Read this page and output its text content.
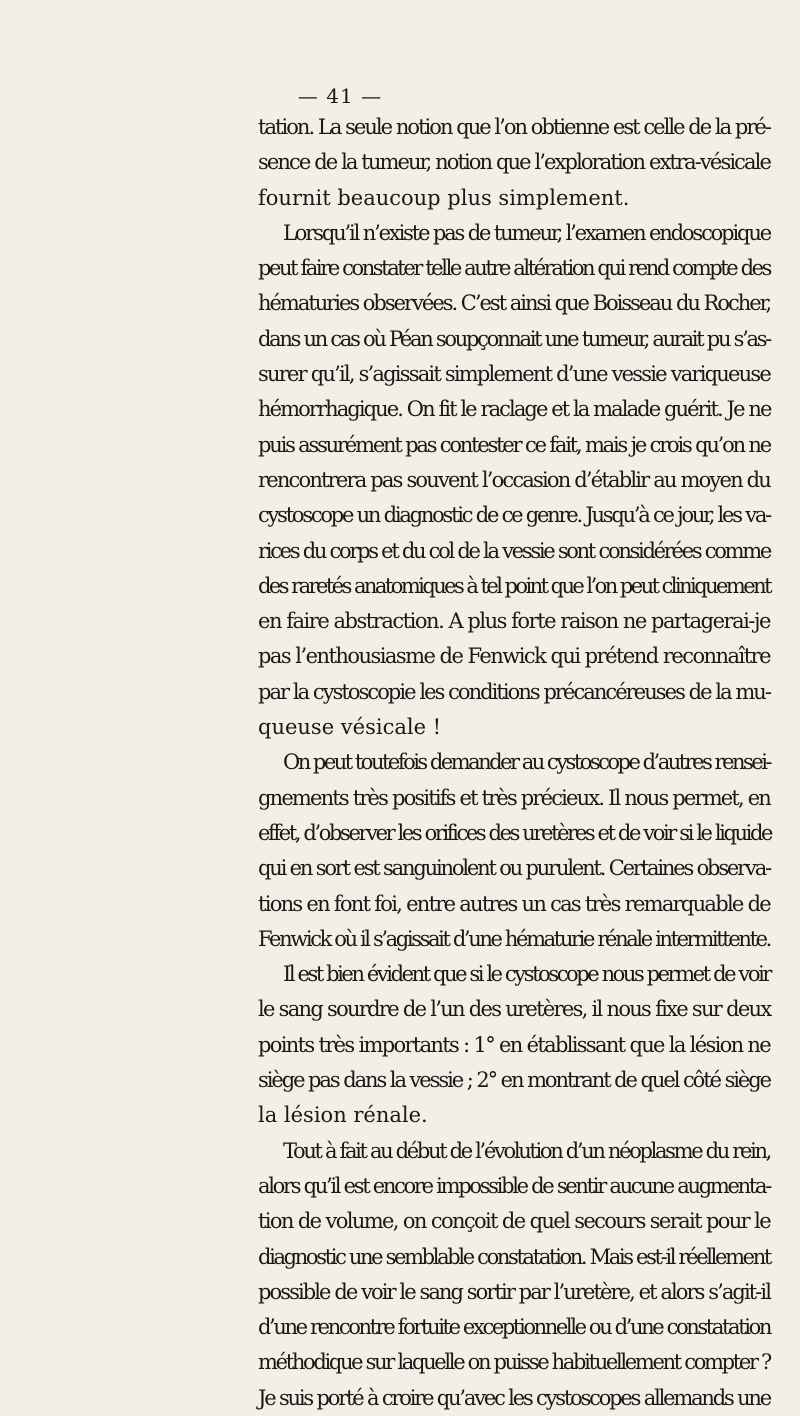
— 41 —
tation. La seule notion que l’on obtienne est celle de la pré-
sence de la tumeur, notion que l’exploration extra-vésicale
fournit beaucoup plus simplement.
Lorsqu’il n’existe pas de tumeur, l’examen endoscopique
peut faire constater telle autre altération qui rend compte des
hématuries observées. C’est ainsi que Boisseau du Rocher,
dans un cas où Péan soupçonnait une tumeur, aurait pu s’as-
surer qu’il, s’agissait simplement d’une vessie variqueuse
hémorrhagique. On fit le raclage et la malade guérit. Je ne
puis assurément pas contester ce fait, mais je crois qu’on ne
rencontrera pas souvent l’occasion d’établir au moyen du
cystoscope un diagnostic de ce genre. Jusqu’à ce jour, les va-
rices du corps et du col de la vessie sont considérées comme
des raretés anatomiques à tel point que l’on peut cliniquement
en faire abstraction. A plus forte raison ne partagerai-je
pas l’enthousiasme de Fenwick qui prétend reconnaître
par la cystoscopie les conditions précancéreuses de la mu-
queuse vésicale !
On peut toutefois demander au cystoscope d’autres rensei-
gnements très positifs et très précieux. Il nous permet, en
effet, d’observer les orifices des uretères et de voir si le liquide
qui en sort est sanguinolent ou purulent. Certaines observa-
tions en font foi, entre autres un cas très remarquable de
Fenwick où il s’agissait d’une hématurie rénale intermittente.
Il est bien évident que si le cystoscope nous permet de voir
le sang sourdre de l’un des uretères, il nous fixe sur deux
points très importants : 1° en établissant que la lésion ne
siège pas dans la vessie ; 2° en montrant de quel côté siège
la lésion rénale.
Tout à fait au début de l’évolution d’un néoplasme du rein,
alors qu’il est encore impossible de sentir aucune augmenta-
tion de volume, on conçoit de quel secours serait pour le
diagnostic une semblable constatation. Mais est-il réellement
possible de voir le sang sortir par l’uretère, et alors s’agit-il
d’une rencontre fortuite exceptionnelle ou d’une constatation
méthodique sur laquelle on puisse habituellement compter ?
Je suis porté à croire qu’avec les cystoscopes allemands une
